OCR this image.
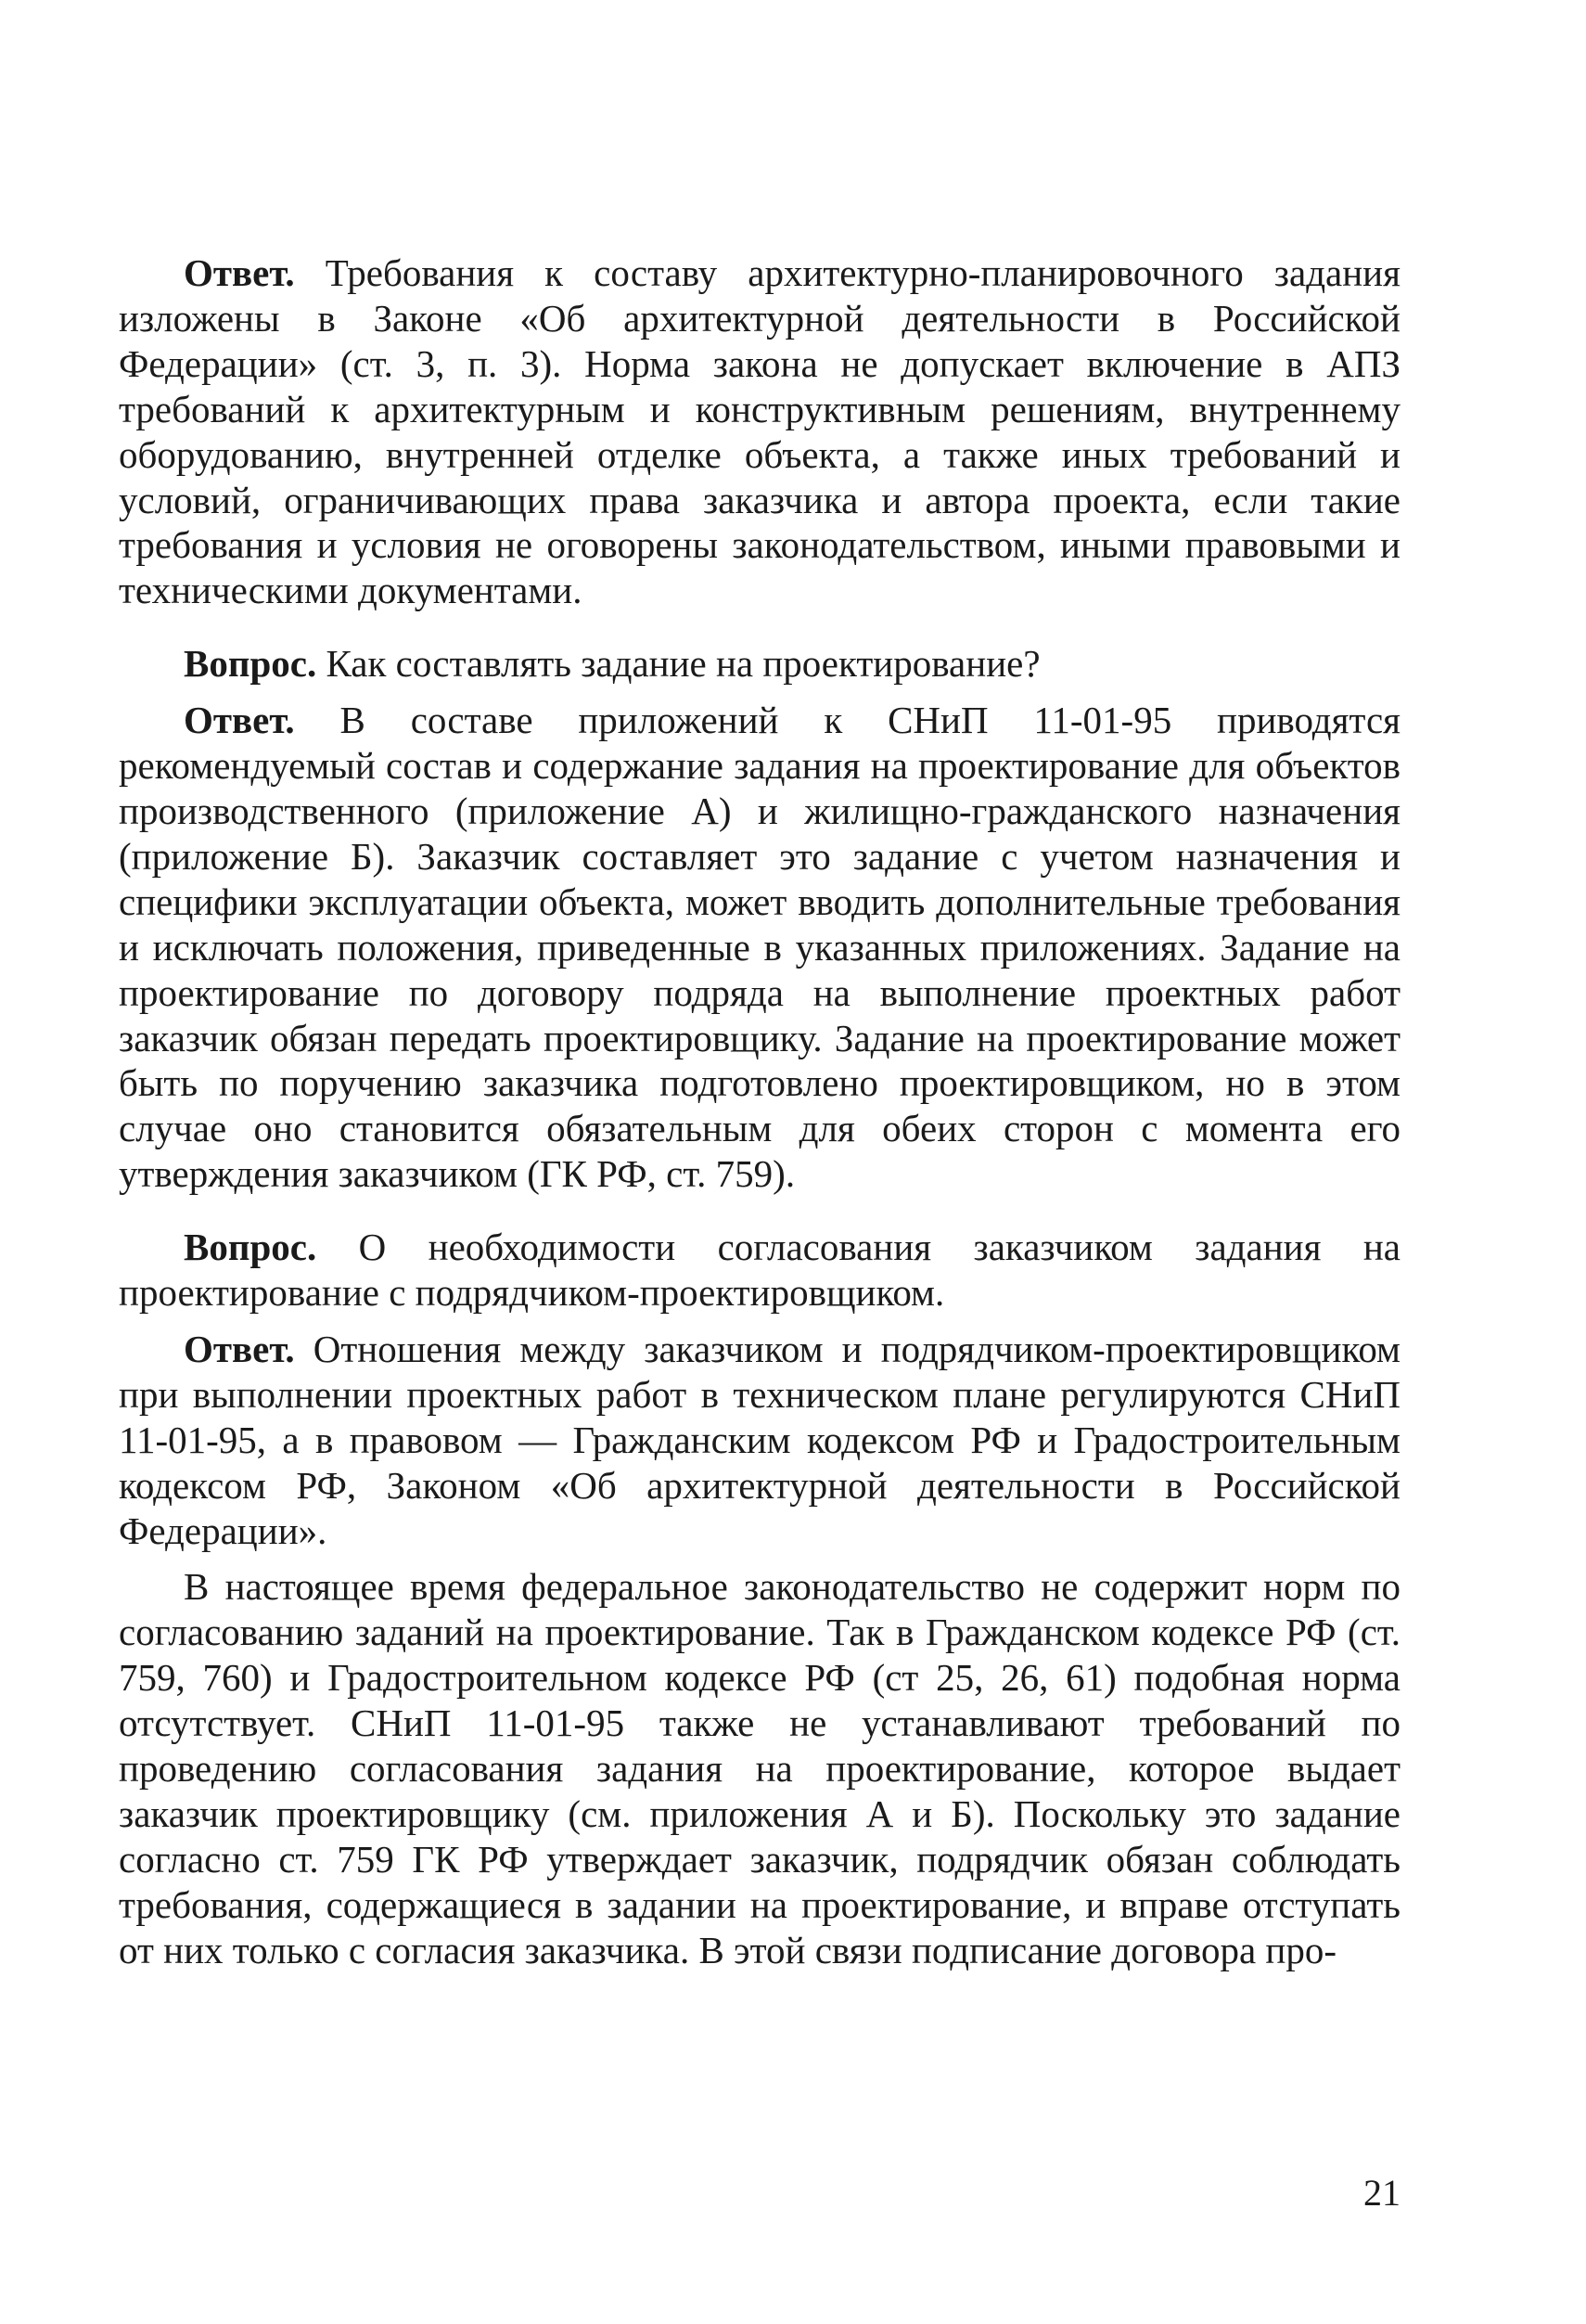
Ответ. Требования к составу архитектурно-планировочного задания изложены в Законе «Об архитектурной деятельности в Российской Федерации» (ст. 3, п. 3). Норма закона не допускает включение в АПЗ требований к архитектурным и конструктивным решениям, внутреннему оборудованию, внутренней отделке объекта, а также иных требований и условий, ограничивающих права заказчика и автора проекта, если такие требования и условия не оговорены законодательством, иными правовыми и техническими документами.

Вопрос. Как составлять задание на проектирование?

Ответ. В составе приложений к СНиП 11-01-95 приводятся рекомендуемый состав и содержание задания на проектирование для объектов производственного (приложение А) и жилищно-гражданского назначения (приложение Б). Заказчик составляет это задание с учетом назначения и специфики эксплуатации объекта, может вводить дополнительные требования и исключать положения, приведенные в указанных приложениях. Задание на проектирование по договору подряда на выполнение проектных работ заказчик обязан передать проектировщику. Задание на проектирование может быть по поручению заказчика подготовлено проектировщиком, но в этом случае оно становится обязательным для обеих сторон с момента его утверждения заказчиком (ГК РФ, ст. 759).

Вопрос. О необходимости согласования заказчиком задания на проектирование с подрядчиком-проектировщиком.

Ответ. Отношения между заказчиком и подрядчиком-проектировщиком при выполнении проектных работ в техническом плане регулируются СНиП 11-01-95, а в правовом — Гражданским кодексом РФ и Градостроительным кодексом РФ, Законом «Об архитектурной деятельности в Российской Федерации».

В настоящее время федеральное законодательство не содержит норм по согласованию заданий на проектирование. Так в Гражданском кодексе РФ (ст. 759, 760) и Градостроительном кодексе РФ (ст 25, 26, 61) подобная норма отсутствует. СНиП 11-01-95 также не устанавливают требований по проведению согласования задания на проектирование, которое выдает заказчик проектировщику (см. приложения А и Б). Поскольку это задание согласно ст. 759 ГК РФ утверждает заказчик, подрядчик обязан соблюдать требования, содержащиеся в задании на проектирование, и вправе отступать от них только с согласия заказчика. В этой связи подписание договора про-

21
